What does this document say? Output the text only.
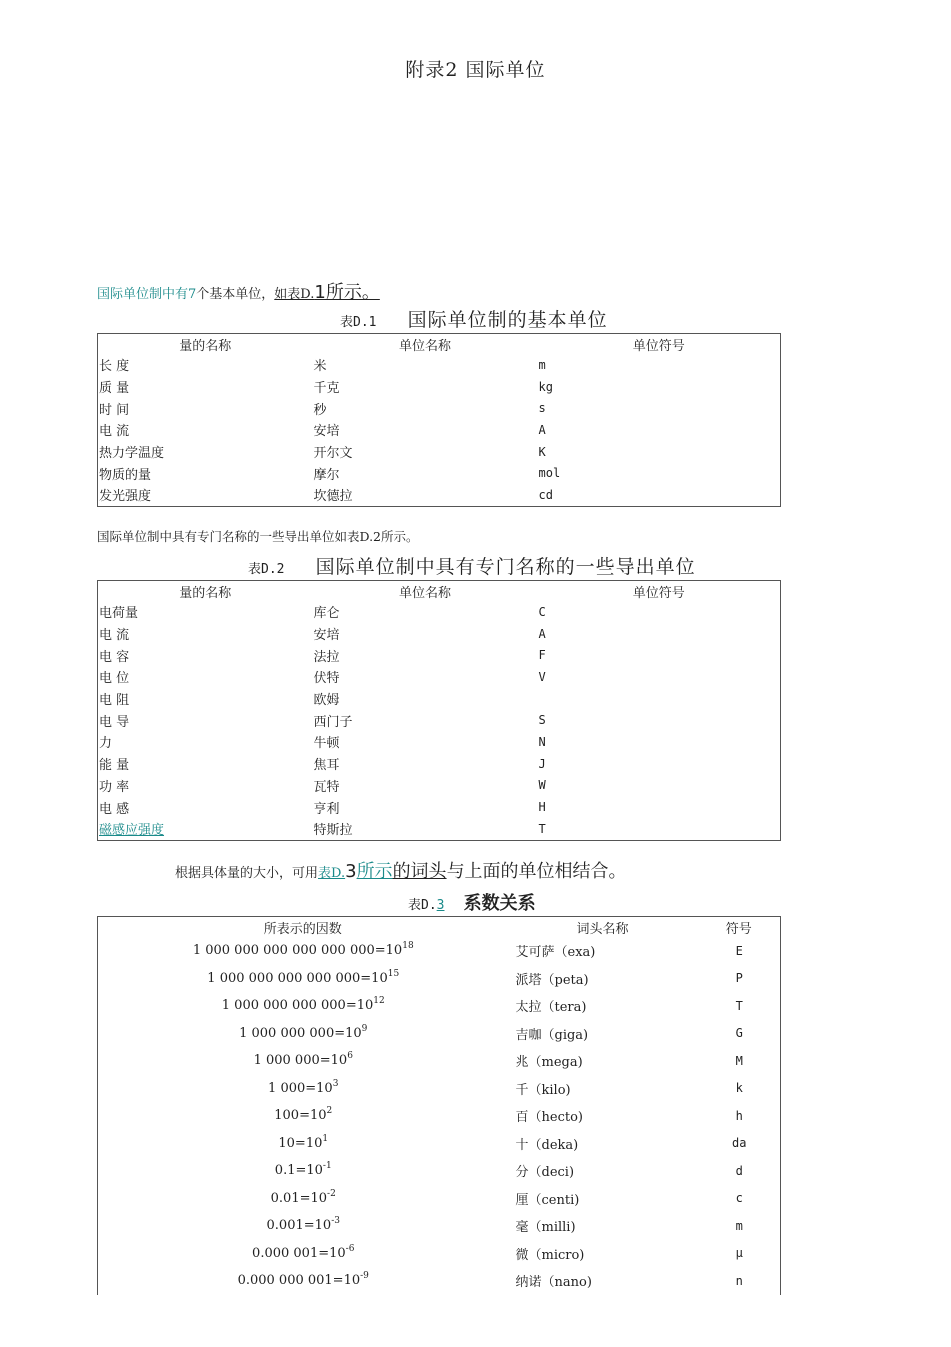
附录2 国际单位
国际单位制中有7个基本单位，如表D.1所示。
表D.1 国际单位制的基本单位
量的名称	单位名称	单位符号
长 度	米	m
质 量	千克	kg
时 间	秒	s
电 流	安培	A
热力学温度	开尔文	K
物质的量	摩尔	mol
发光强度	坎德拉	cd
国际单位制中具有专门名称的一些导出单位如表D.2所示。
表D.2 国际单位制中具有专门名称的一些导出单位
量的名称	单位名称	单位符号
电荷量	库仑	C
电 流	安培	A
电 容	法拉	F
电 位	伏特	V
电 阻	欧姆	
电 导	西门子	S
力	牛顿	N
能 量	焦耳	J
功 率	瓦特	W
电 感	亨利	H
磁感应强度	特斯拉	T
根据具体量的大小，可用表D.3所示的词头与上面的单位相结合。
表D.3 系数关系
所表示的因数	词头名称	符号
1 000 000 000 000 000 $000=10^{18}$	艾可萨（exa)	E
1 000 000 000 000 $000=10^{15}$	派塔（peta)	P
1 000 000 000 $000=10^{12}$	太拉（tera)	T
1 000 000 $000=10^9$	吉咖（giga)	G
1 000 $000=10^6$	兆（mega)	M
1 $000=10^3$	千（kilo)	k
$100=10^2$	百（hecto)	h
$10=10^1$	十（deka)	da
$0.1=10^{-1}$	分（deci)	d
$0.01=10^{-2}$	厘（centi)	c
$0.001=10^{-3}$	毫（milli)	m
0.000 $001=10^{-6}$	微（micro)	μ
0.000 000 $001=10^{-9}$	纳诺（nano)	n
